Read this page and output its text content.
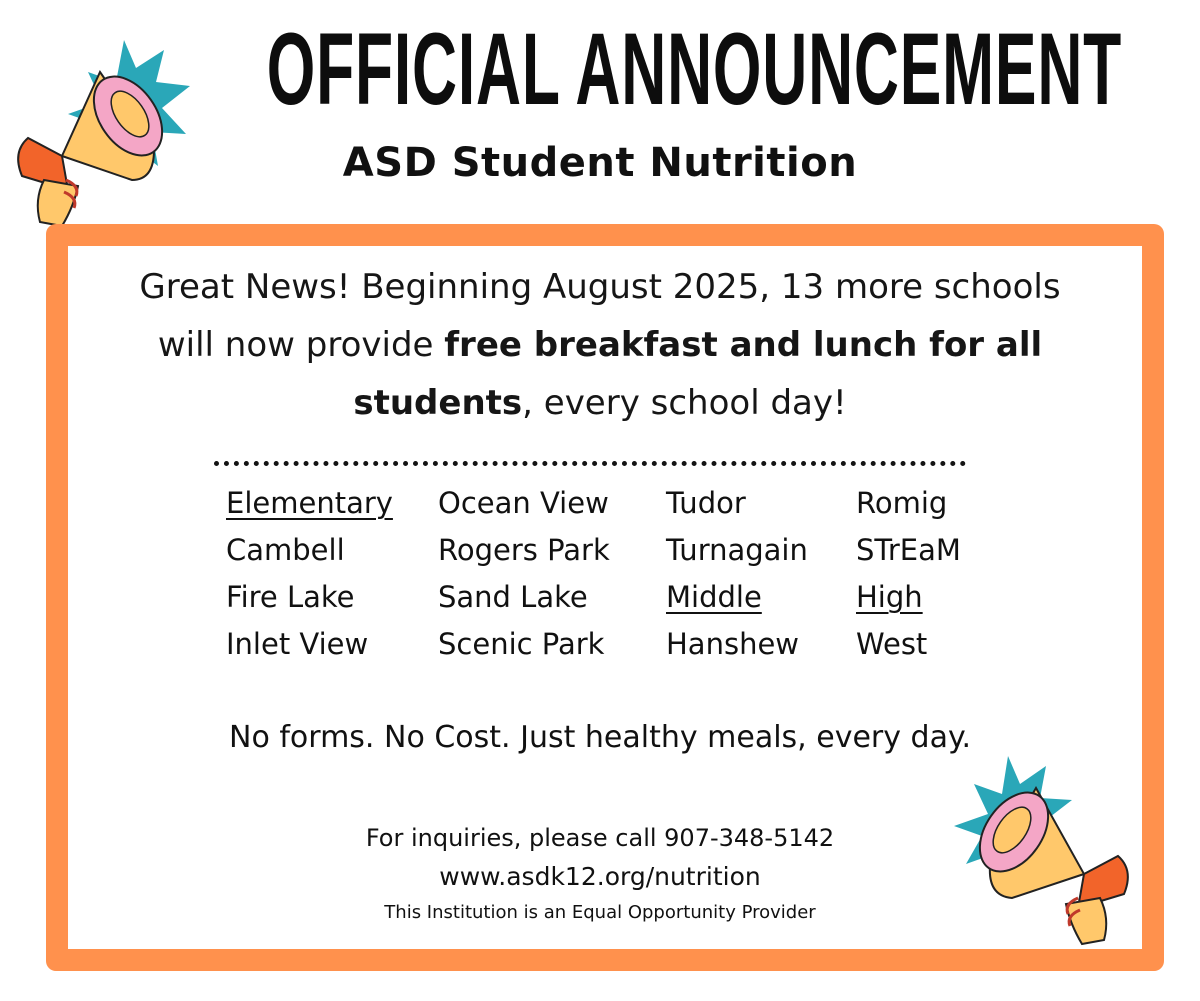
OFFICIAL ANNOUNCEMENT
ASD Student Nutrition
Great News! Beginning August 2025, 13 more schools will now provide free breakfast and lunch for all students, every school day!
Elementary
Cambell
Fire Lake
Inlet View
Ocean View
Rogers Park
Sand Lake
Scenic Park
Tudor
Turnagain
Middle
Hanshew
Romig
STrEaM
High
West
No forms. No Cost. Just healthy meals, every day.
For inquiries, please call 907-348-5142
www.asdk12.org/nutrition
This Institution is an Equal Opportunity Provider
